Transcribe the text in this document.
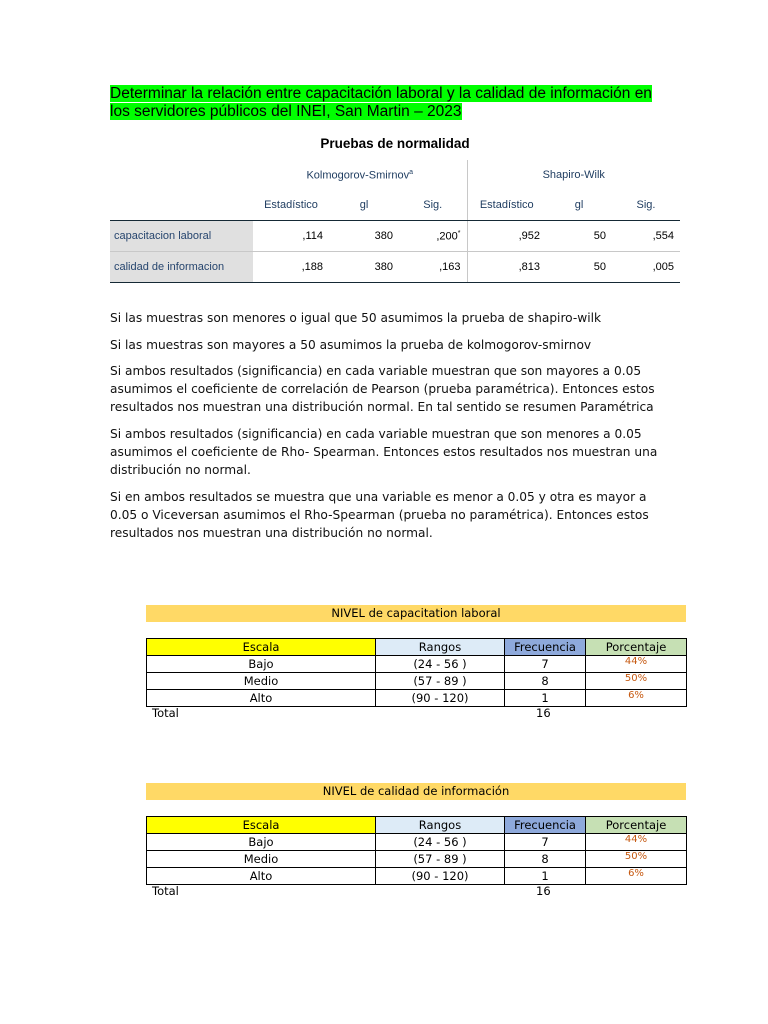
Determinar la relación entre capacitación laboral y la calidad de información en los servidores públicos del INEI, San Martin – 2023
Pruebas de normalidad
	Kolmogorov-Smirnov$^a$			Shapiro-Wilk		
	Estadístico	gl	Sig.	Estadístico	gl	Sig.
capacitacion laboral	,114	380	,200*	,952	50	,554
calidad de informacion	,188	380	,163	,813	50	,005
Si las muestras son menores o igual que 50 asumimos la prueba de shapiro-wilk
Si las muestras son mayores a 50 asumimos la prueba de kolmogorov-smirnov
Si ambos resultados (significancia) en cada variable muestran que son mayores a 0.05 asumimos el coeficiente de correlación de Pearson (prueba paramétrica). Entonces estos resultados nos muestran una distribución normal. En tal sentido se resumen Paramétrica
Si ambos resultados (significancia) en cada variable muestran que son menores a 0.05 asumimos el coeficiente de Rho- Spearman. Entonces estos resultados nos muestran una distribución no normal.
Si en ambos resultados se muestra que una variable es menor a 0.05 y otra es mayor a 0.05 o Viceversan asumimos el Rho-Spearman (prueba no paramétrica). Entonces estos resultados nos muestran una distribución no normal.
NIVEL de capacitation laboral
Escala	Rangos	Frecuencia	Porcentaje
Bajo	(24 - 56 )	7	44%
Medio	(57 - 89 )	8	50%
Alto	(90 - 120)	1	6%
Total	16
NIVEL de calidad de información
Escala	Rangos	Frecuencia	Porcentaje
Bajo	(24 - 56 )	7	44%
Medio	(57 - 89 )	8	50%
Alto	(90 - 120)	1	6%
Total	16
